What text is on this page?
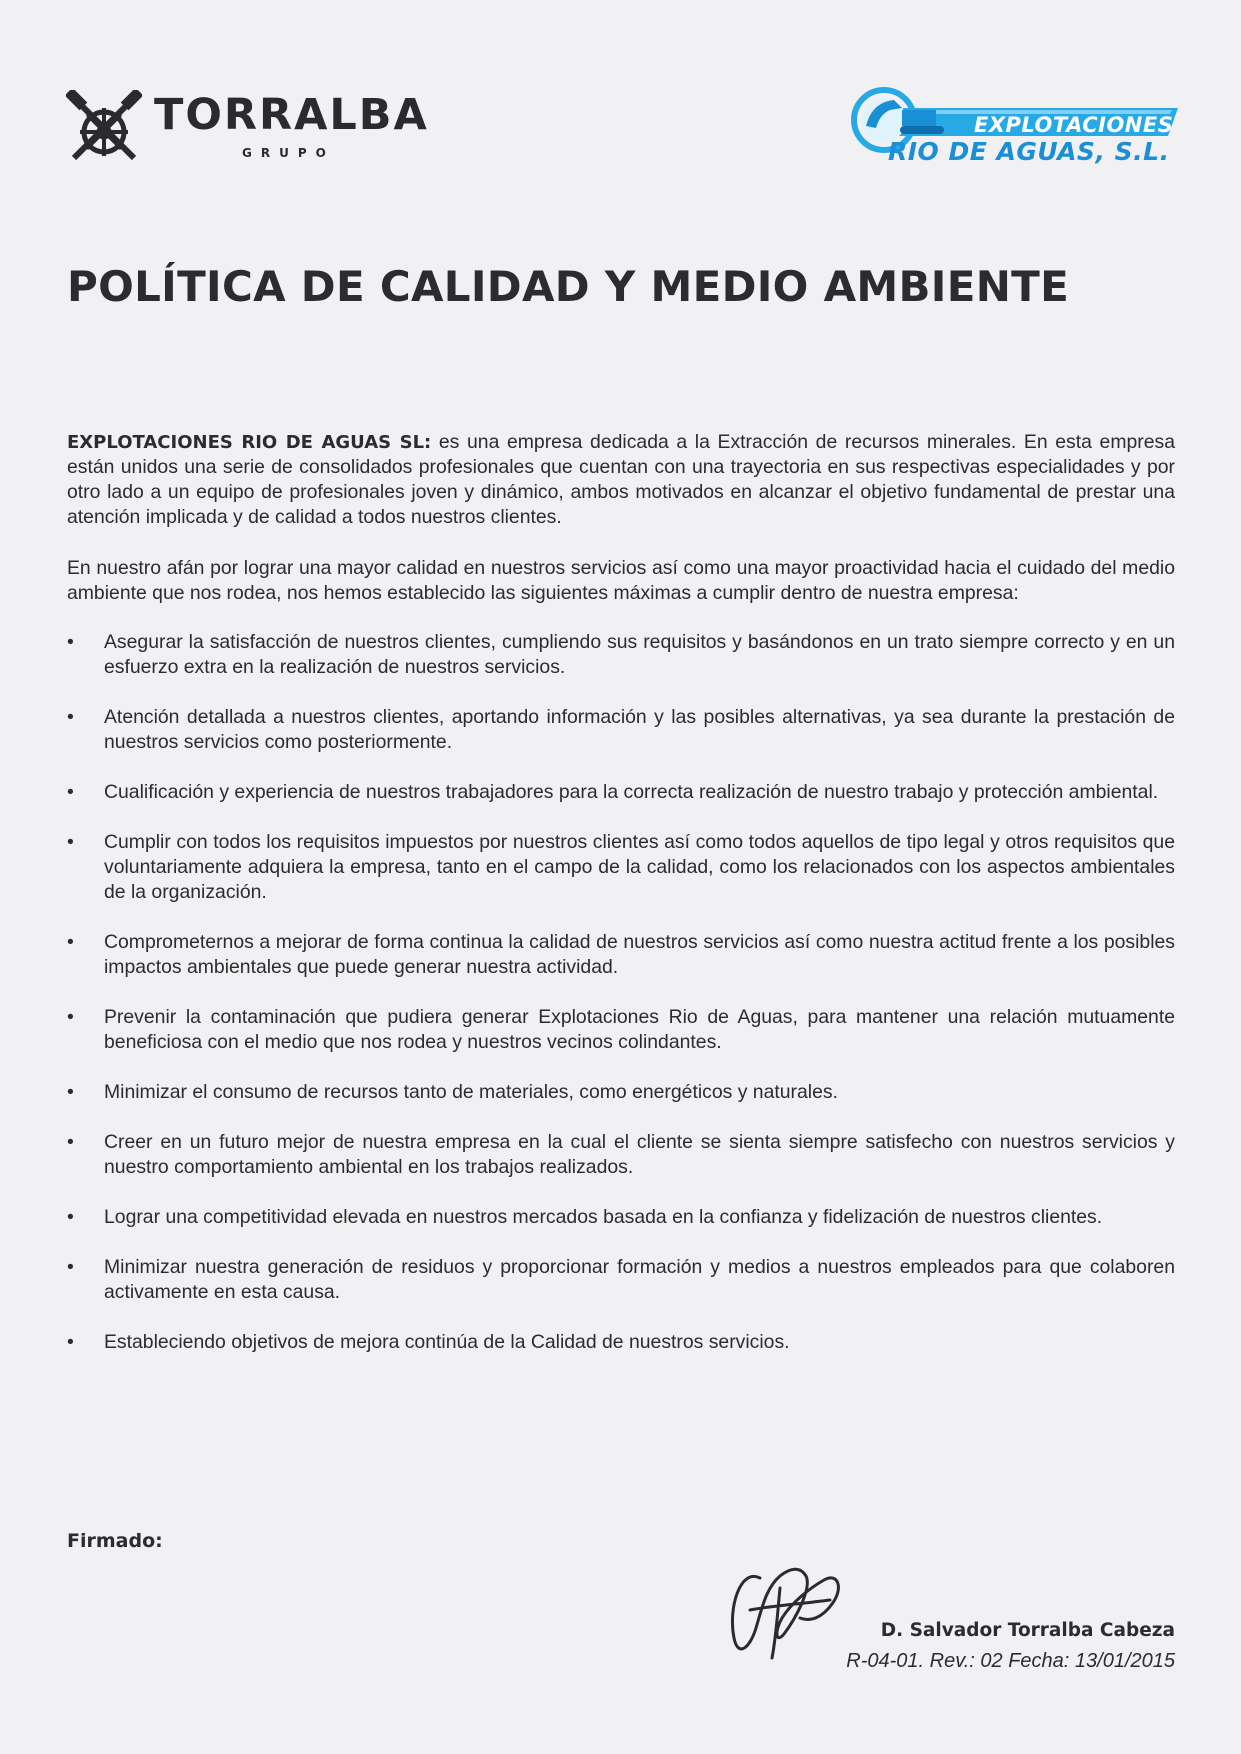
TORRALBA
GRUPO
EXPLOTACIONES
RIO DE AGUAS, S.L.
POLÍTICA DE CALIDAD Y MEDIO AMBIENTE
EXPLOTACIONES RIO DE AGUAS SL: es una empresa dedicada a la Extracción de recursos minerales. En esta empresa están unidos una serie de consolidados profesionales que cuentan con una trayectoria en sus respectivas especialidades y por otro lado a un equipo de profesionales joven y dinámico, ambos motivados en alcanzar el objetivo fundamental de prestar una atención implicada y de calidad a todos nuestros clientes.
En nuestro afán por lograr una mayor calidad en nuestros servicios así como una mayor proactividad hacia el cuidado del medio ambiente que nos rodea, nos hemos establecido las siguientes máximas a cumplir dentro de nuestra empresa:
• Asegurar la satisfacción de nuestros clientes, cumpliendo sus requisitos y basándonos en un trato siempre correcto y en un esfuerzo extra en la realización de nuestros servicios.
• Atención detallada a nuestros clientes, aportando información y las posibles alternativas, ya sea durante la prestación de nuestros servicios como posteriormente.
• Cualificación y experiencia de nuestros trabajadores para la correcta realización de nuestro trabajo y protección ambiental.
• Cumplir con todos los requisitos impuestos por nuestros clientes así como todos aquellos de tipo legal y otros requisitos que voluntariamente adquiera la empresa, tanto en el campo de la calidad, como los relacionados con los aspectos ambientales de la organización.
• Comprometernos a mejorar de forma continua la calidad de nuestros servicios así como nuestra actitud frente a los posibles impactos ambientales que puede generar nuestra actividad.
• Prevenir la contaminación que pudiera generar Explotaciones Rio de Aguas, para mantener una relación mutuamente beneficiosa con el medio que nos rodea y nuestros vecinos colindantes.
• Minimizar el consumo de recursos tanto de materiales, como energéticos y naturales.
• Creer en un futuro mejor de nuestra empresa en la cual el cliente se sienta siempre satisfecho con nuestros servicios y nuestro comportamiento ambiental en los trabajos realizados.
• Lograr una competitividad elevada en nuestros mercados basada en la confianza y fidelización de nuestros clientes.
• Minimizar nuestra generación de residuos y proporcionar formación y medios a nuestros empleados para que colaboren activamente en esta causa.
• Estableciendo objetivos de mejora continúa de la Calidad de nuestros servicios.
Firmado:
D. Salvador Torralba Cabeza
R-04-01. Rev.: 02 Fecha: 13/01/2015
